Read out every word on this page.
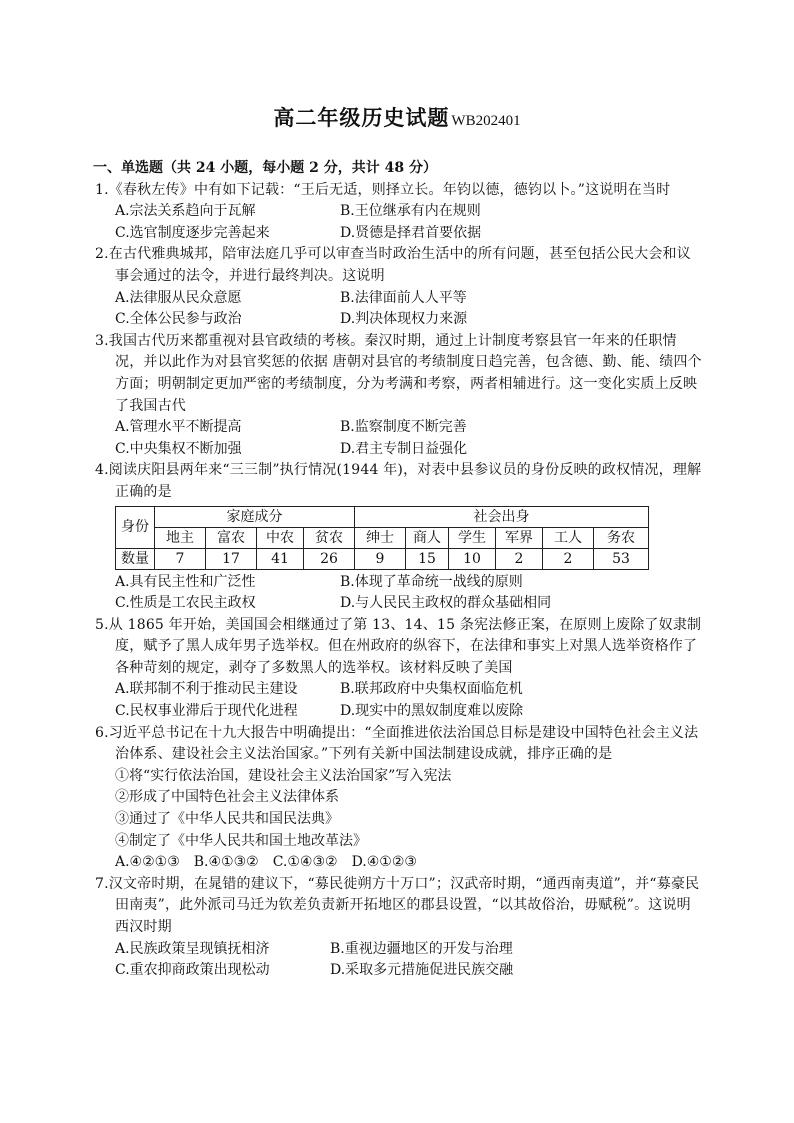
高二年级历史试题 WB202401
一、单选题（共 24 小题，每小题 2 分，共计 48 分）
1.《春秋左传》中有如下记载：“王后无适，则择立长。年钧以德，德钧以卜。”这说明在当时
A.宗法关系趋向于瓦解	B.王位继承有内在规则
C.选官制度逐步完善起来	D.贤德是择君首要依据
2.在古代雅典城邦，陪审法庭几乎可以审查当时政治生活中的所有问题，甚至包括公民大会和议事会通过的法令，并进行最终判决。这说明
A.法律服从民众意愿	B.法律面前人人平等
C.全体公民参与政治	D.判决体现权力来源
3.我国古代历来都重视对县官政绩的考核。秦汉时期，通过上计制度考察县官一年来的任职情况，并以此作为对县官奖惩的依据 唐朝对县官的考绩制度日趋完善，包含德、勤、能、绩四个方面；明朝制定更加严密的考绩制度，分为考满和考察，两者相辅进行。这一变化实质上反映了我国古代
A.管理水平不断提高	B.监察制度不断完善
C.中央集权不断加强	D.君主专制日益强化
4.阅读庆阳县两年来“三三制”执行情况(1944 年)，对表中县参议员的身份反映的政权情况，理解正确的是
身份	家庭成分				社会出身					
	地主	富农	中农	贫农	绅士	商人	学生	军界	工人	务农
数量	7	17	41	26	9	15	10	2	2	53
A.具有民主性和广泛性	B.体现了革命统一战线的原则
C.性质是工农民主政权	D.与人民民主政权的群众基础相同
5.从 1865 年开始，美国国会相继通过了第 13、14、15 条宪法修正案，在原则上废除了奴隶制度，赋予了黑人成年男子选举权。但在州政府的纵容下，在法律和事实上对黑人选举资格作了各种苛刻的规定，剥夺了多数黑人的选举权。该材料反映了美国
A.联邦制不利于推动民主建设	B.联邦政府中央集权面临危机
C.民权事业滞后于现代化进程	D.现实中的黑奴制度难以废除
6.习近平总书记在十九大报告中明确提出：“全面推进依法治国总目标是建设中国特色社会主义法治体系、建设社会主义法治国家。”下列有关新中国法制建设成就，排序正确的是
①将“实行依法治国，建设社会主义法治国家”写入宪法
②形成了中国特色社会主义法律体系
③通过了《中华人民共和国民法典》
④制定了《中华人民共和国土地改革法》
A.④②①③　B.④①③②　C.①④③②　D.④①②③
7.汉文帝时期，在晁错的建议下，“募民徙朔方十万口”；汉武帝时期，“通西南夷道”，并“募豪民田南夷”，此外派司马迁为钦差负责新开拓地区的郡县设置，“以其故俗治，毋赋税”。这说明西汉时期
A.民族政策呈现镇抚相济	B.重视边疆地区的开发与治理
C.重农抑商政策出现松动	D.采取多元措施促进民族交融
